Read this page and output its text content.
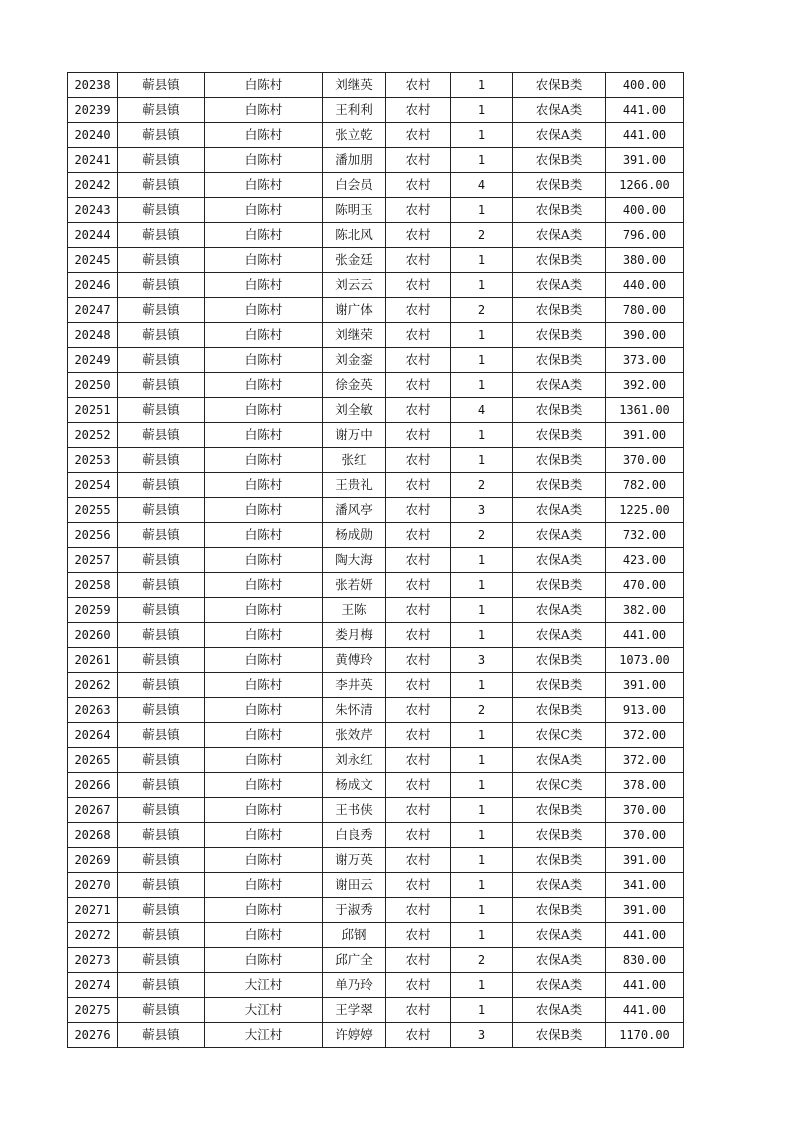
20238	蕲县镇	白陈村	刘继英	农村	1	农保B类	400.00
20239	蕲县镇	白陈村	王利利	农村	1	农保A类	441.00
20240	蕲县镇	白陈村	张立乾	农村	1	农保A类	441.00
20241	蕲县镇	白陈村	潘加朋	农村	1	农保B类	391.00
20242	蕲县镇	白陈村	白会员	农村	4	农保B类	1266.00
20243	蕲县镇	白陈村	陈明玉	农村	1	农保B类	400.00
20244	蕲县镇	白陈村	陈北风	农村	2	农保A类	796.00
20245	蕲县镇	白陈村	张金廷	农村	1	农保B类	380.00
20246	蕲县镇	白陈村	刘云云	农村	1	农保A类	440.00
20247	蕲县镇	白陈村	谢广体	农村	2	农保B类	780.00
20248	蕲县镇	白陈村	刘继荣	农村	1	农保B类	390.00
20249	蕲县镇	白陈村	刘金銮	农村	1	农保B类	373.00
20250	蕲县镇	白陈村	徐金英	农村	1	农保A类	392.00
20251	蕲县镇	白陈村	刘全敏	农村	4	农保B类	1361.00
20252	蕲县镇	白陈村	谢万中	农村	1	农保B类	391.00
20253	蕲县镇	白陈村	张红	农村	1	农保B类	370.00
20254	蕲县镇	白陈村	王贵礼	农村	2	农保B类	782.00
20255	蕲县镇	白陈村	潘风亭	农村	3	农保A类	1225.00
20256	蕲县镇	白陈村	杨成勋	农村	2	农保A类	732.00
20257	蕲县镇	白陈村	陶大海	农村	1	农保A类	423.00
20258	蕲县镇	白陈村	张若妍	农村	1	农保B类	470.00
20259	蕲县镇	白陈村	王陈	农村	1	农保A类	382.00
20260	蕲县镇	白陈村	娄月梅	农村	1	农保A类	441.00
20261	蕲县镇	白陈村	黄傅玲	农村	3	农保B类	1073.00
20262	蕲县镇	白陈村	李井英	农村	1	农保B类	391.00
20263	蕲县镇	白陈村	朱怀清	农村	2	农保B类	913.00
20264	蕲县镇	白陈村	张效芹	农村	1	农保C类	372.00
20265	蕲县镇	白陈村	刘永红	农村	1	农保A类	372.00
20266	蕲县镇	白陈村	杨成文	农村	1	农保C类	378.00
20267	蕲县镇	白陈村	王书侠	农村	1	农保B类	370.00
20268	蕲县镇	白陈村	白良秀	农村	1	农保B类	370.00
20269	蕲县镇	白陈村	谢万英	农村	1	农保B类	391.00
20270	蕲县镇	白陈村	谢田云	农村	1	农保A类	341.00
20271	蕲县镇	白陈村	于淑秀	农村	1	农保B类	391.00
20272	蕲县镇	白陈村	邱钢	农村	1	农保A类	441.00
20273	蕲县镇	白陈村	邱广全	农村	2	农保A类	830.00
20274	蕲县镇	大江村	单乃玲	农村	1	农保A类	441.00
20275	蕲县镇	大江村	王学翠	农村	1	农保A类	441.00
20276	蕲县镇	大江村	许婷婷	农村	3	农保B类	1170.00
